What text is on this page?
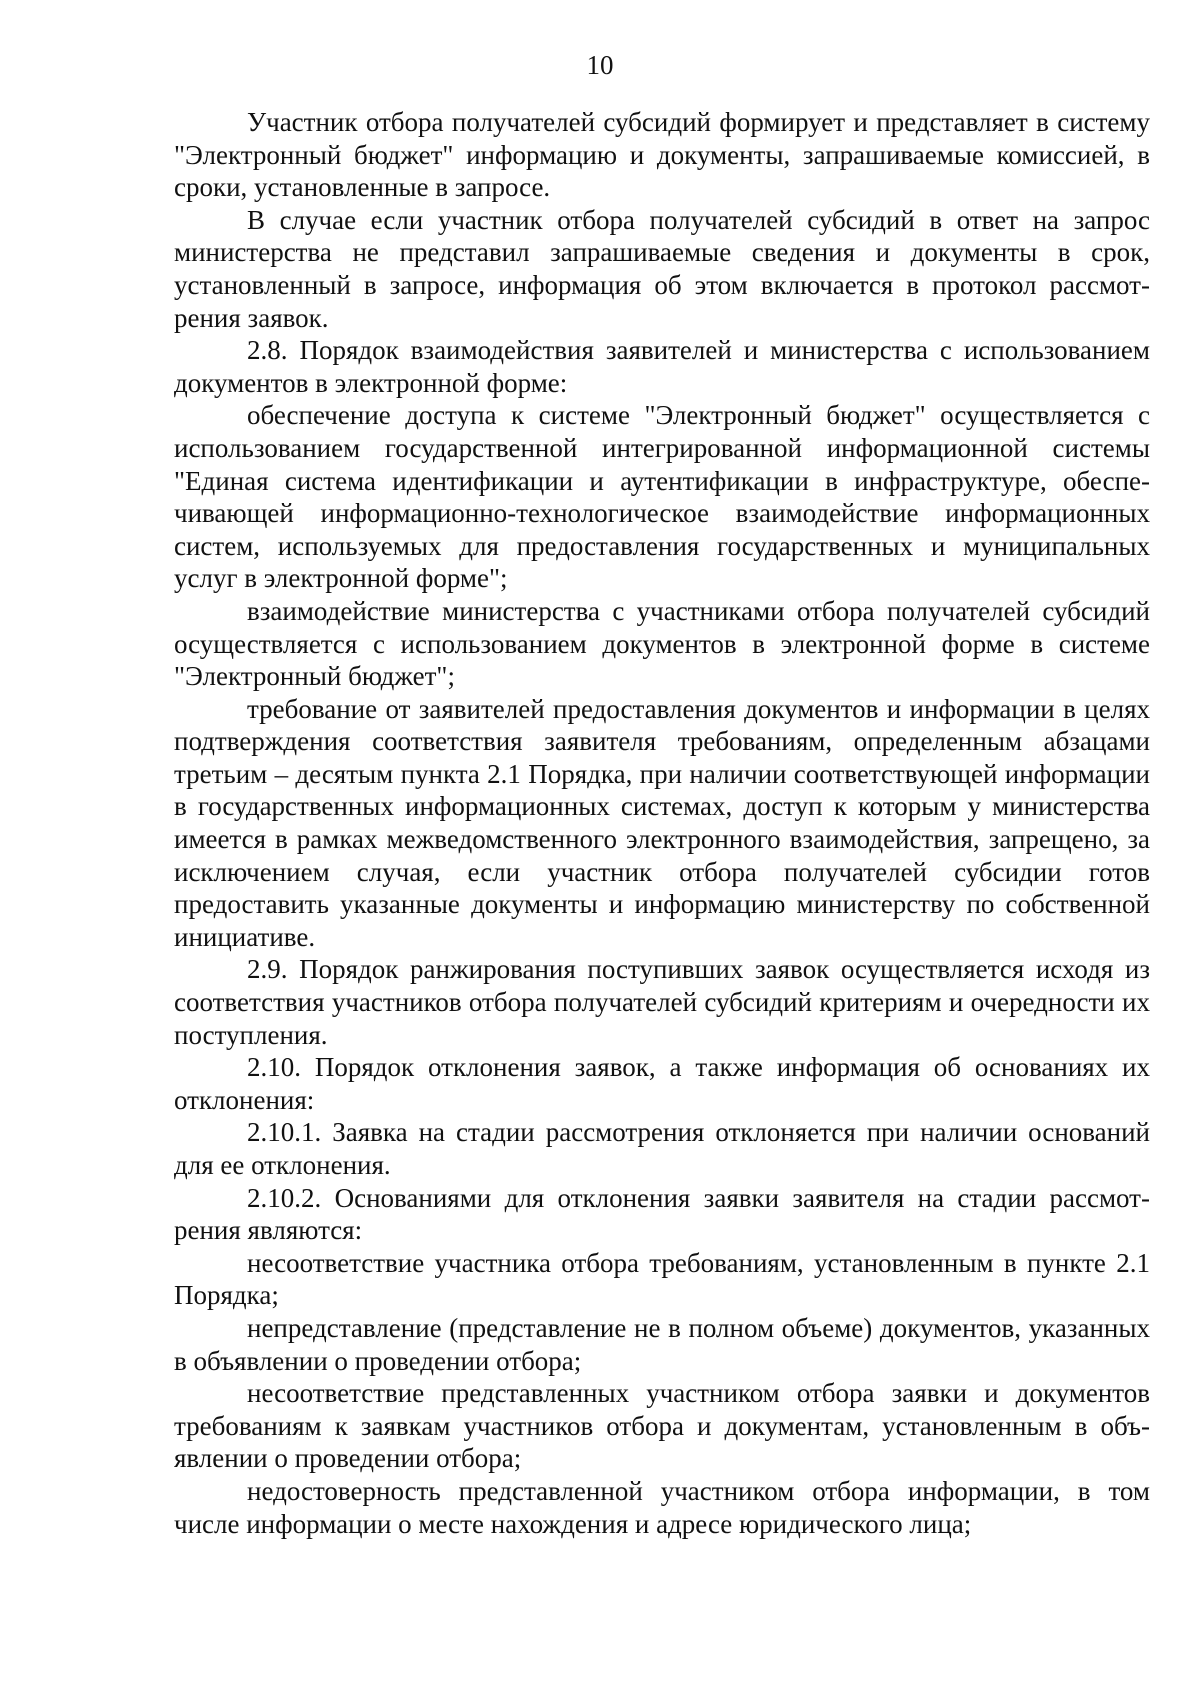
10

Участник отбора получателей субсидий формирует и представляет в систему "Электронный бюджет" информацию и документы, запрашиваемые комиссией, в сроки, установленные в запросе.

В случае если участник отбора получателей субсидий в ответ на запрос министерства не представил запрашиваемые сведения и документы в срок, установленный в запросе, информация об этом включается в протокол рассмотрения заявок.

2.8. Порядок взаимодействия заявителей и министерства с использованием документов в электронной форме:

обеспечение доступа к системе "Электронный бюджет" осуществляется с использованием государственной интегрированной информационной системы "Единая система идентификации и аутентификации в инфраструктуре, обеспечивающей информационно-технологическое взаимодействие информационных систем, используемых для предоставления государственных и муниципальных услуг в электронной форме";

взаимодействие министерства с участниками отбора получателей субсидий осуществляется с использованием документов в электронной форме в системе "Электронный бюджет";

требование от заявителей предоставления документов и информации в целях подтверждения соответствия заявителя требованиям, определенным абзацами третьим – десятым пункта 2.1 Порядка, при наличии соответствующей информации в государственных информационных системах, доступ к которым у министерства имеется в рамках межведомственного электронного взаимодействия, запрещено, за исключением случая, если участник отбора получателей субсидии готов предоставить указанные документы и информацию министерству по собственной инициативе.

2.9. Порядок ранжирования поступивших заявок осуществляется исходя из соответствия участников отбора получателей субсидий критериям и очередности их поступления.

2.10. Порядок отклонения заявок, а также информация об основаниях их отклонения:

2.10.1. Заявка на стадии рассмотрения отклоняется при наличии оснований для ее отклонения.

2.10.2. Основаниями для отклонения заявки заявителя на стадии рассмотрения являются:

несоответствие участника отбора требованиям, установленным в пункте 2.1 Порядка;

непредставление (представление не в полном объеме) документов, указанных в объявлении о проведении отбора;

несоответствие представленных участником отбора заявки и документов требованиям к заявкам участников отбора и документам, установленным в объявлении о проведении отбора;

недостоверность представленной участником отбора информации, в том числе информации о месте нахождения и адресе юридического лица;
